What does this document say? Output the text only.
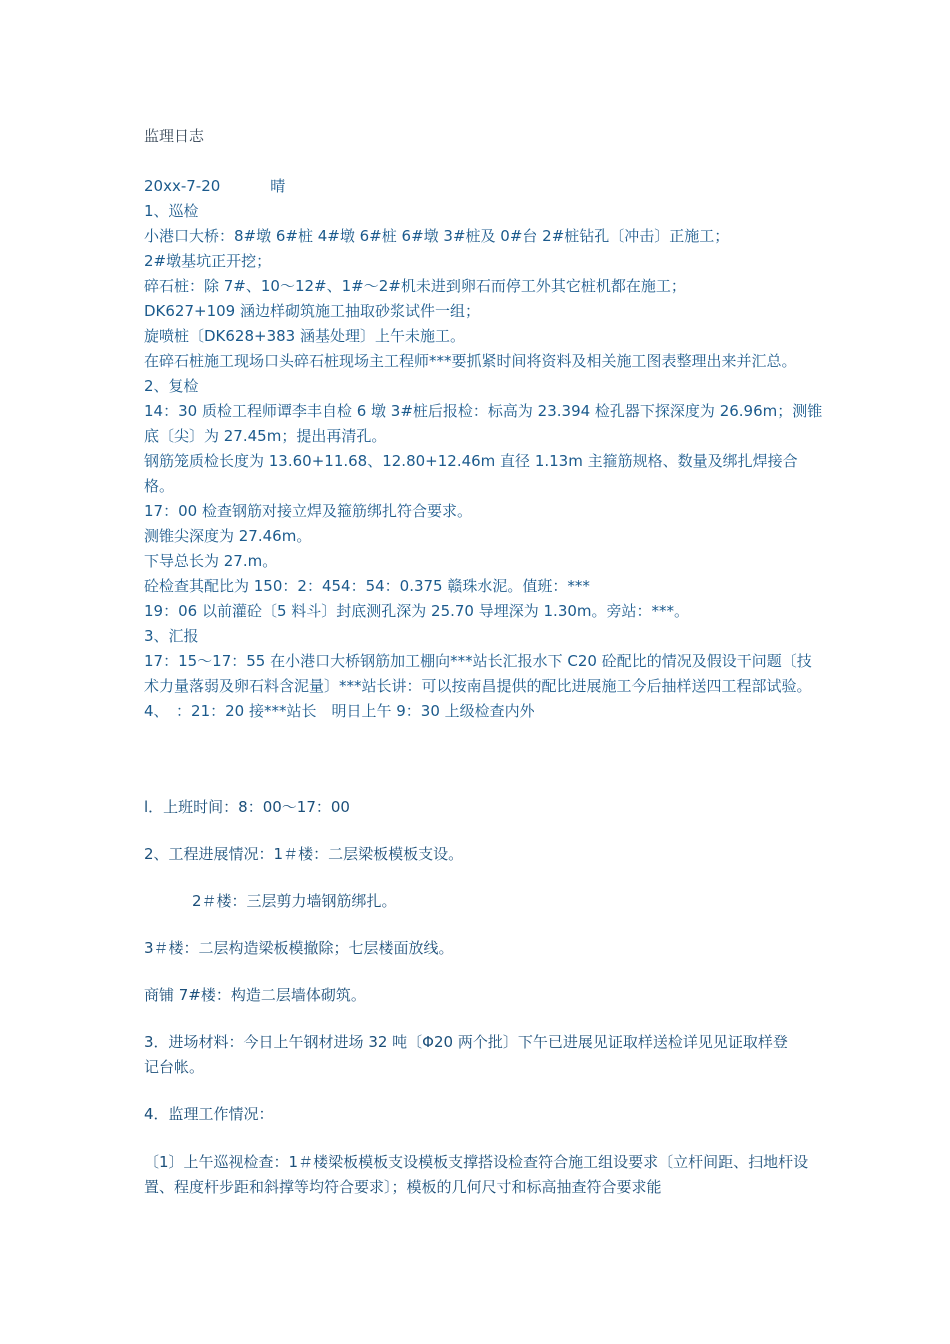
监理日志

20xx-7-20	晴

1、巡检

小港口大桥：8#墩 6#桩 4#墩 6#桩 6#墩 3#桩及 0#台 2#桩钻孔〔冲击〕正施工；

2#墩基坑正开挖；

碎石桩：除 7#、10～12#、1#～2#机未进到卵石而停工外其它桩机都在施工；

DK627+109 涵边样砌筑施工抽取砂浆试件一组；

旋喷桩〔DK628+383 涵基处理〕上午未施工。

在碎石桩施工现场口头碎石桩现场主工程师***要抓紧时间将资料及相关施工图表整理出来并汇总。

2、复检

14：30 质检工程师谭李丰自检 6 墩 3#桩后报检：标高为 23.394 检孔器下探深度为 26.96m；测锥底〔尖〕为 27.45m；提出再清孔。

钢筋笼质检长度为 13.60+11.68、12.80+12.46m 直径 1.13m 主箍筋规格、数量及绑扎焊接合格。

17：00 检查钢筋对接立焊及箍筋绑扎符合要求。

测锥尖深度为 27.46m。

下导总长为 27.m。

砼检查其配比为 150：2：454：54：0.375 赣珠水泥。值班：***

19：06 以前灌砼〔5 料斗〕封底测孔深为 25.70 导埋深为 1.30m。旁站：***。

3、汇报

17：15～17：55 在小港口大桥钢筋加工棚向***站长汇报水下 C20 砼配比的情况及假设干问题〔技术力量落弱及卵石料含泥量〕***站长讲：可以按南昌提供的配比进展施工今后抽样送四工程部试验。

4、　：21：20 接***站长　明日上午 9：30 上级检查内外

l．上班时间：8：00～17：00

2、工程进展情况：1＃楼：二层梁板模板支设。

2＃楼：三层剪力墙钢筋绑扎。

3＃楼：二层构造梁板模撤除；七层楼面放线。

商铺 7#楼：构造二层墙体砌筑。

3．进场材料：今日上午钢材进场 32 吨〔Φ20 两个批〕下午已进展见证取样送检详见见证取样登记台帐。

4．监理工作情况：

〔1〕上午巡视检查：1＃楼梁板模板支设模板支撑搭设检查符合施工组设要求〔立杆间距、扫地杆设置、程度杆步距和斜撑等均符合要求〕；模板的几何尺寸和标高抽查符合要求能
